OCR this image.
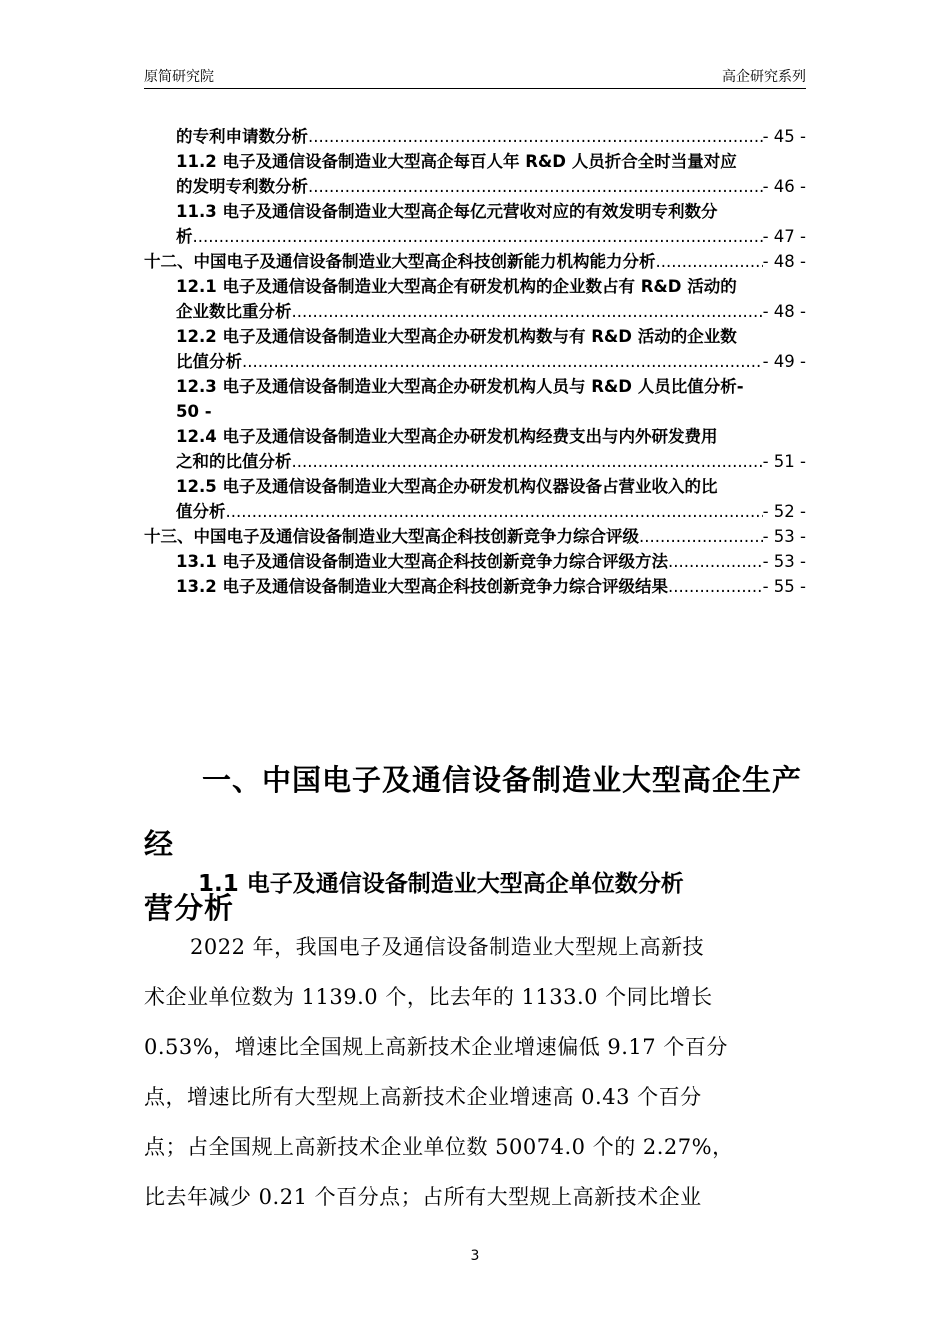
原简研究院	高企研究系列
的专利申请数分析 .....	- 45 -
11.2 电子及通信设备制造业大型高企每百人年 R&D 人员折合全时当量对应
的发明专利数分析 .....	- 46 -
11.3 电子及通信设备制造业大型高企每亿元营收对应的有效发明专利数分
析 .....	- 47 -
十二、中国电子及通信设备制造业大型高企科技创新能力机构能力分析 .....	- 48 -
12.1 电子及通信设备制造业大型高企有研发机构的企业数占有 R&D 活动的
企业数比重分析 .....	- 48 -
12.2 电子及通信设备制造业大型高企办研发机构数与有 R&D 活动的企业数
比值分析 .....	- 49 -
12.3 电子及通信设备制造业大型高企办研发机构人员与 R&D 人员比值分析-
50 -
12.4 电子及通信设备制造业大型高企办研发机构经费支出与内外研发费用
之和的比值分析 .....	- 51 -
12.5 电子及通信设备制造业大型高企办研发机构仪器设备占营业收入的比
值分析 .....	- 52 -
十三、中国电子及通信设备制造业大型高企科技创新竞争力综合评级 .....	- 53 -
13.1 电子及通信设备制造业大型高企科技创新竞争力综合评级方法 .....	- 53 -
13.2 电子及通信设备制造业大型高企科技创新竞争力综合评级结果 .....	- 55 -
一、中国电子及通信设备制造业大型高企生产经
营分析
1.1 电子及通信设备制造业大型高企单位数分析
2022 年，我国电子及通信设备制造业大型规上高新技
术企业单位数为 1139.0 个，比去年的 1133.0 个同比增长
0.53%，增速比全国规上高新技术企业增速偏低 9.17 个百分
点，增速比所有大型规上高新技术企业增速高 0.43 个百分
点；占全国规上高新技术企业单位数 50074.0 个的 2.27%，
比去年减少 0.21 个百分点；占所有大型规上高新技术企业
3
